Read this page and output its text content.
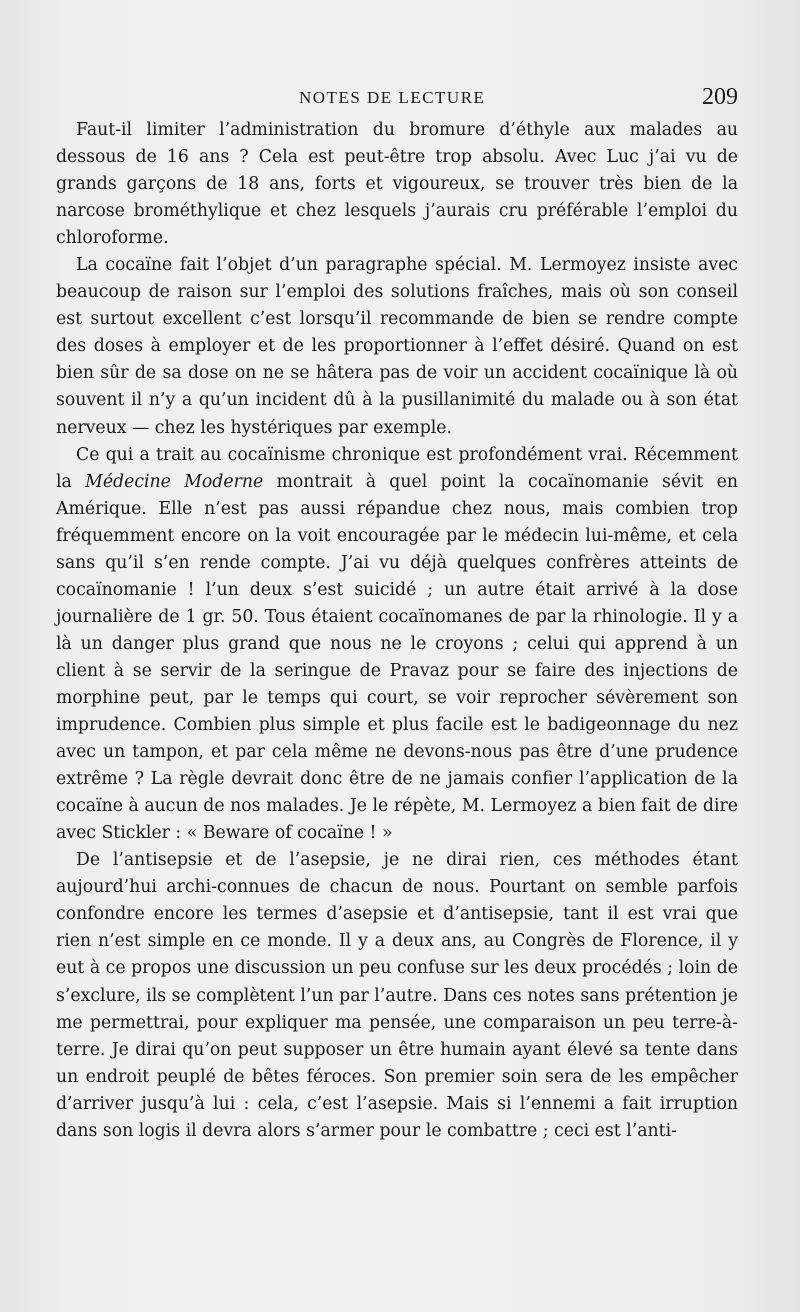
NOTES DE LECTURE	209

Faut-il limiter l’administration du bromure d’éthyle aux malades au dessous de 16 ans ? Cela est peut-être trop absolu. Avec Luc j’ai vu de grands garçons de 18 ans, forts et vigoureux, se trouver très bien de la narcose brométhylique et chez lesquels j’aurais cru préférable l’emploi du chloroforme.

La cocaïne fait l’objet d’un paragraphe spécial. M. Lermoyez insiste avec beaucoup de raison sur l’emploi des solutions fraîches, mais où son conseil est surtout excellent c’est lorsqu’il recommande de bien se rendre compte des doses à employer et de les proportionner à l’effet désiré. Quand on est bien sûr de sa dose on ne se hâtera pas de voir un accident cocaïnique là où souvent il n’y a qu’un incident dû à la pusillanimité du malade ou à son état nerveux — chez les hystériques par exemple.

Ce qui a trait au cocaïnisme chronique est profondément vrai. Récemment la Médecine Moderne montrait à quel point la cocaïnomanie sévit en Amérique. Elle n’est pas aussi répandue chez nous, mais combien trop fréquemment encore on la voit encouragée par le médecin lui-même, et cela sans qu’il s’en rende compte. J’ai vu déjà quelques confrères atteints de cocaïnomanie ! l’un deux s’est suicidé ; un autre était arrivé à la dose journalière de 1 gr. 50. Tous étaient cocaïnomanes de par la rhinologie. Il y a là un danger plus grand que nous ne le croyons ; celui qui apprend à un client à se servir de la seringue de Pravaz pour se faire des injections de morphine peut, par le temps qui court, se voir reprocher sévèrement son imprudence. Combien plus simple et plus facile est le badigeonnage du nez avec un tampon, et par cela même ne devons-nous pas être d’une prudence extrême ? La règle devrait donc être de ne jamais confier l’application de la cocaïne à aucun de nos malades. Je le répète, M. Lermoyez a bien fait de dire avec Stickler : « Beware of cocaïne ! »

De l’antisepsie et de l’asepsie, je ne dirai rien, ces méthodes étant aujourd’hui archi-connues de chacun de nous. Pourtant on semble parfois confondre encore les termes d’asepsie et d’antisepsie, tant il est vrai que rien n’est simple en ce monde. Il y a deux ans, au Congrès de Florence, il y eut à ce propos une discussion un peu confuse sur les deux procédés ; loin de s’exclure, ils se complètent l’un par l’autre. Dans ces notes sans prétention je me permettrai, pour expliquer ma pensée, une comparaison un peu terre-à-terre. Je dirai qu’on peut supposer un être humain ayant élevé sa tente dans un endroit peuplé de bêtes féroces. Son premier soin sera de les empêcher d’arriver jusqu’à lui : cela, c’est l’asepsie. Mais si l’ennemi a fait irruption dans son logis il devra alors s’armer pour le combattre ; ceci est l’anti-
